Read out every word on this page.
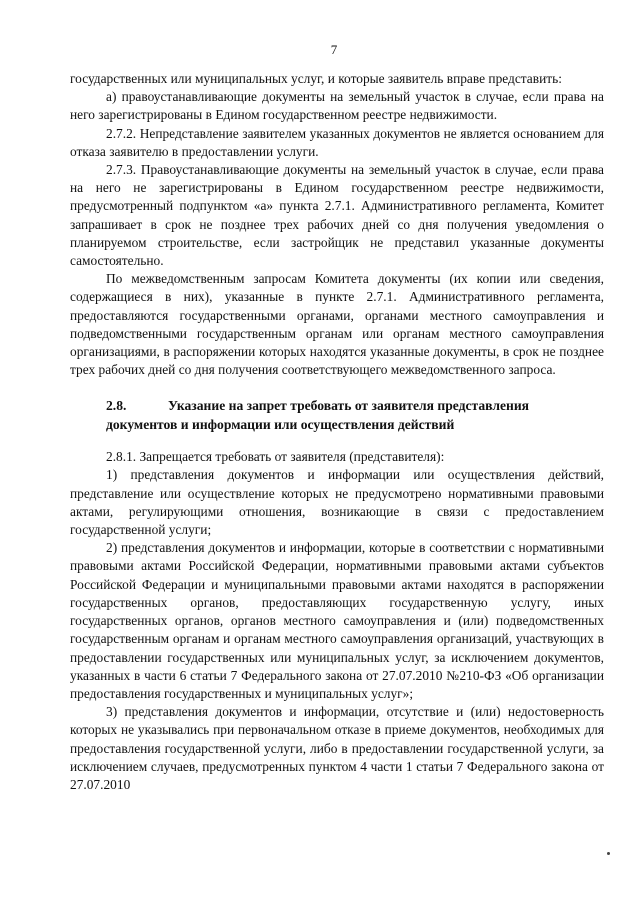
7

государственных или муниципальных услуг, и которые заявитель вправе представить:

а) правоустанавливающие документы на земельный участок в случае, если права на него зарегистрированы в Едином государственном реестре недвижимости.

2.7.2. Непредставление заявителем указанных документов не является основанием для отказа заявителю в предоставлении услуги.

2.7.3. Правоустанавливающие документы на земельный участок в случае, если права на него не зарегистрированы в Едином государственном реестре недвижимости, предусмотренный подпунктом «а» пункта 2.7.1. Административного регламента, Комитет запрашивает в срок не позднее трех рабочих дней со дня получения уведомления о планируемом строительстве, если застройщик не представил указанные документы самостоятельно.

По межведомственным запросам Комитета документы (их копии или сведения, содержащиеся в них), указанные в пункте 2.7.1. Административного регламента, предоставляются государственными органами, органами местного самоуправления и подведомственными государственным органам или органам местного самоуправления организациями, в распоряжении которых находятся указанные документы, в срок не позднее трех рабочих дней со дня получения соответствующего межведомственного запроса.

2.8.	Указание на запрет требовать от заявителя представления
документов и информации или осуществления действий

2.8.1. Запрещается требовать от заявителя (представителя):

1) представления документов и информации или осуществления действий, представление или осуществление которых не предусмотрено нормативными правовыми актами, регулирующими отношения, возникающие в связи с предоставлением государственной услуги;

2) представления документов и информации, которые в соответствии с нормативными правовыми актами Российской Федерации, нормативными правовыми актами субъектов Российской Федерации и муниципальными правовыми актами находятся в распоряжении государственных органов, предоставляющих государственную услугу, иных государственных органов, органов местного самоуправления и (или) подведомственных государственным органам и органам местного самоуправления организаций, участвующих в предоставлении государственных или муниципальных услуг, за исключением документов, указанных в части 6 статьи 7 Федерального закона от 27.07.2010 №210-ФЗ «Об организации предоставления государственных и муниципальных услуг»;

3) представления документов и информации, отсутствие и (или) недостоверность которых не указывались при первоначальном отказе в приеме документов, необходимых для предоставления государственной услуги, либо в предоставлении государственной услуги, за исключением случаев, предусмотренных пунктом 4 части 1 статьи 7 Федерального закона от 27.07.2010
